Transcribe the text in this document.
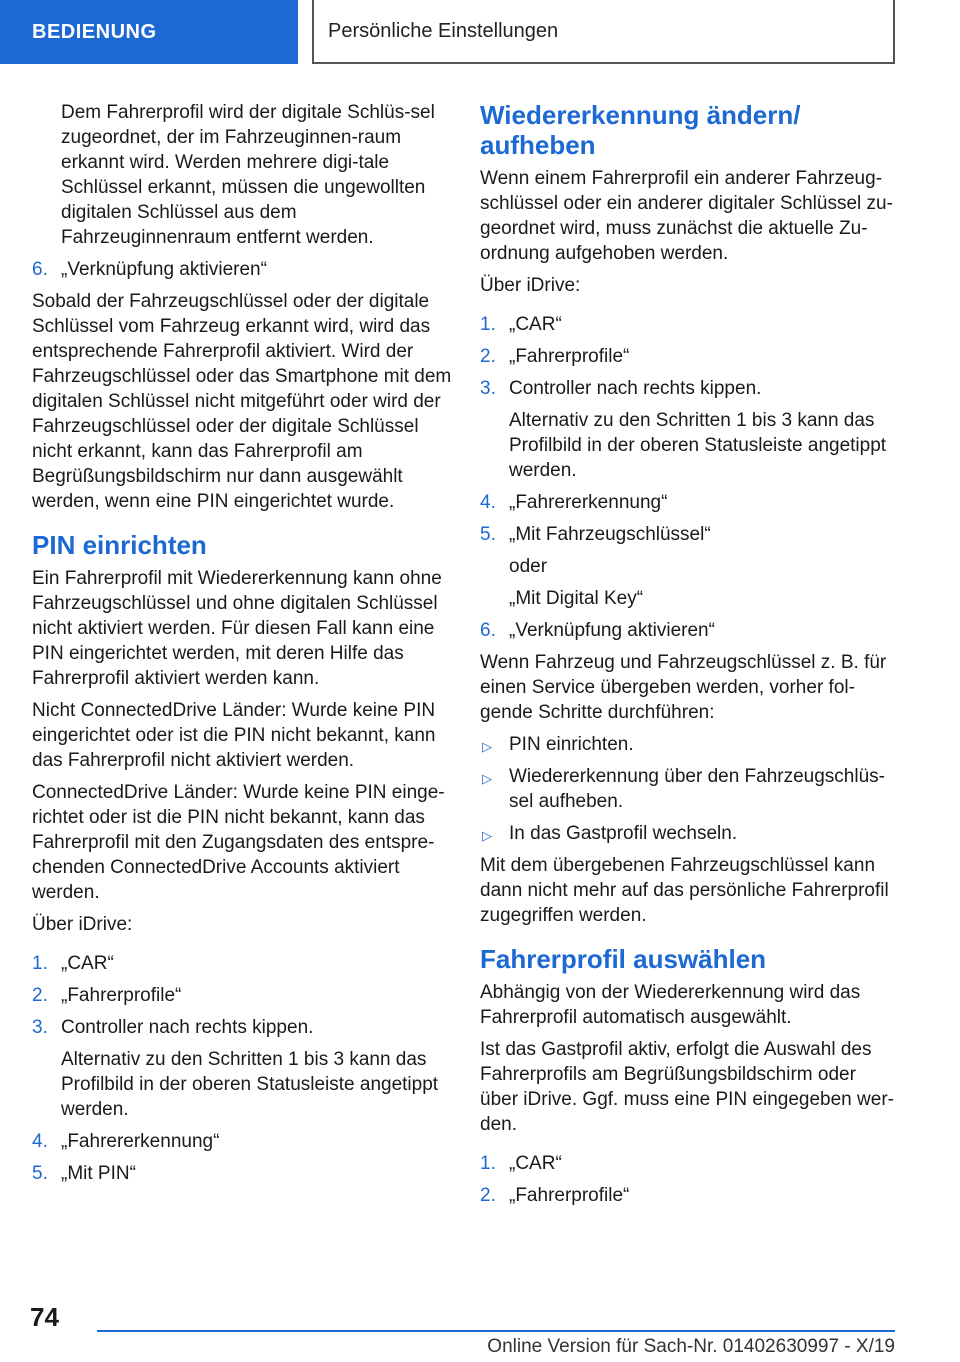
BEDIENUNG	Persönliche Einstellungen

Dem Fahrerprofil wird der digitale Schlüs-sel zugeordnet, der im Fahrzeuginnen-raum erkannt wird. Werden mehrere digi-tale Schlüssel erkannt, müssen die ungewollten digitalen Schlüssel aus dem Fahrzeuginnenraum entfernt werden.

6. „Verknüpfung aktivieren“

Sobald der Fahrzeugschlüssel oder der digitale Schlüssel vom Fahrzeug erkannt wird, wird das entsprechende Fahrerprofil aktiviert. Wird der Fahrzeugschlüssel oder das Smartphone mit dem digitalen Schlüssel nicht mitgeführt oder wird der Fahrzeugschlüssel oder der digitale Schlüssel nicht erkannt, kann das Fahrerprofil am Begrüßungsbildschirm nur dann ausgewählt werden, wenn eine PIN eingerichtet wurde.

PIN einrichten

Ein Fahrerprofil mit Wiedererkennung kann ohne Fahrzeugschlüssel und ohne digitalen Schlüssel nicht aktiviert werden. Für diesen Fall kann eine PIN eingerichtet werden, mit deren Hilfe das Fahrerprofil aktiviert werden kann.

Nicht ConnectedDrive Länder: Wurde keine PIN eingerichtet oder ist die PIN nicht bekannt, kann das Fahrerprofil nicht aktiviert werden.

ConnectedDrive Länder: Wurde keine PIN einge-richtet oder ist die PIN nicht bekannt, kann das Fahrerprofil mit den Zugangsdaten des entspre-chenden ConnectedDrive Accounts aktiviert werden.

Über iDrive:

1. „CAR“
2. „Fahrerprofile“
3. Controller nach rechts kippen.

Alternativ zu den Schritten 1 bis 3 kann das Profilbild in der oberen Statusleiste angetippt werden.

4. „Fahrererkennung“
5. „Mit PIN“
Wiedererkennung ändern/ aufheben

Wenn einem Fahrerprofil ein anderer Fahrzeug-schlüssel oder ein anderer digitaler Schlüssel zu-geordnet wird, muss zunächst die aktuelle Zu-ordnung aufgehoben werden.

Über iDrive:

1. „CAR“
2. „Fahrerprofile“
3. Controller nach rechts kippen.

Alternativ zu den Schritten 1 bis 3 kann das Profilbild in der oberen Statusleiste angetippt werden.

4. „Fahrererkennung“
5. „Mit Fahrzeugschlüssel“

oder

„Mit Digital Key“

6. „Verknüpfung aktivieren“

Wenn Fahrzeug und Fahrzeugschlüssel z. B. für einen Service übergeben werden, vorher fol-gende Schritte durchführen:

▷ PIN einrichten.
▷ Wiedererkennung über den Fahrzeugschlüs-sel aufheben.
▷ In das Gastprofil wechseln.

Mit dem übergebenen Fahrzeugschlüssel kann dann nicht mehr auf das persönliche Fahrerprofil zugegriffen werden.

Fahrerprofil auswählen

Abhängig von der Wiedererkennung wird das Fahrerprofil automatisch ausgewählt.

Ist das Gastprofil aktiv, erfolgt die Auswahl des Fahrerprofils am Begrüßungsbildschirm oder über iDrive. Ggf. muss eine PIN eingegeben wer-den.

1. „CAR“
2. „Fahrerprofile“
74
Online Version für Sach-Nr. 01402630997 - X/19
